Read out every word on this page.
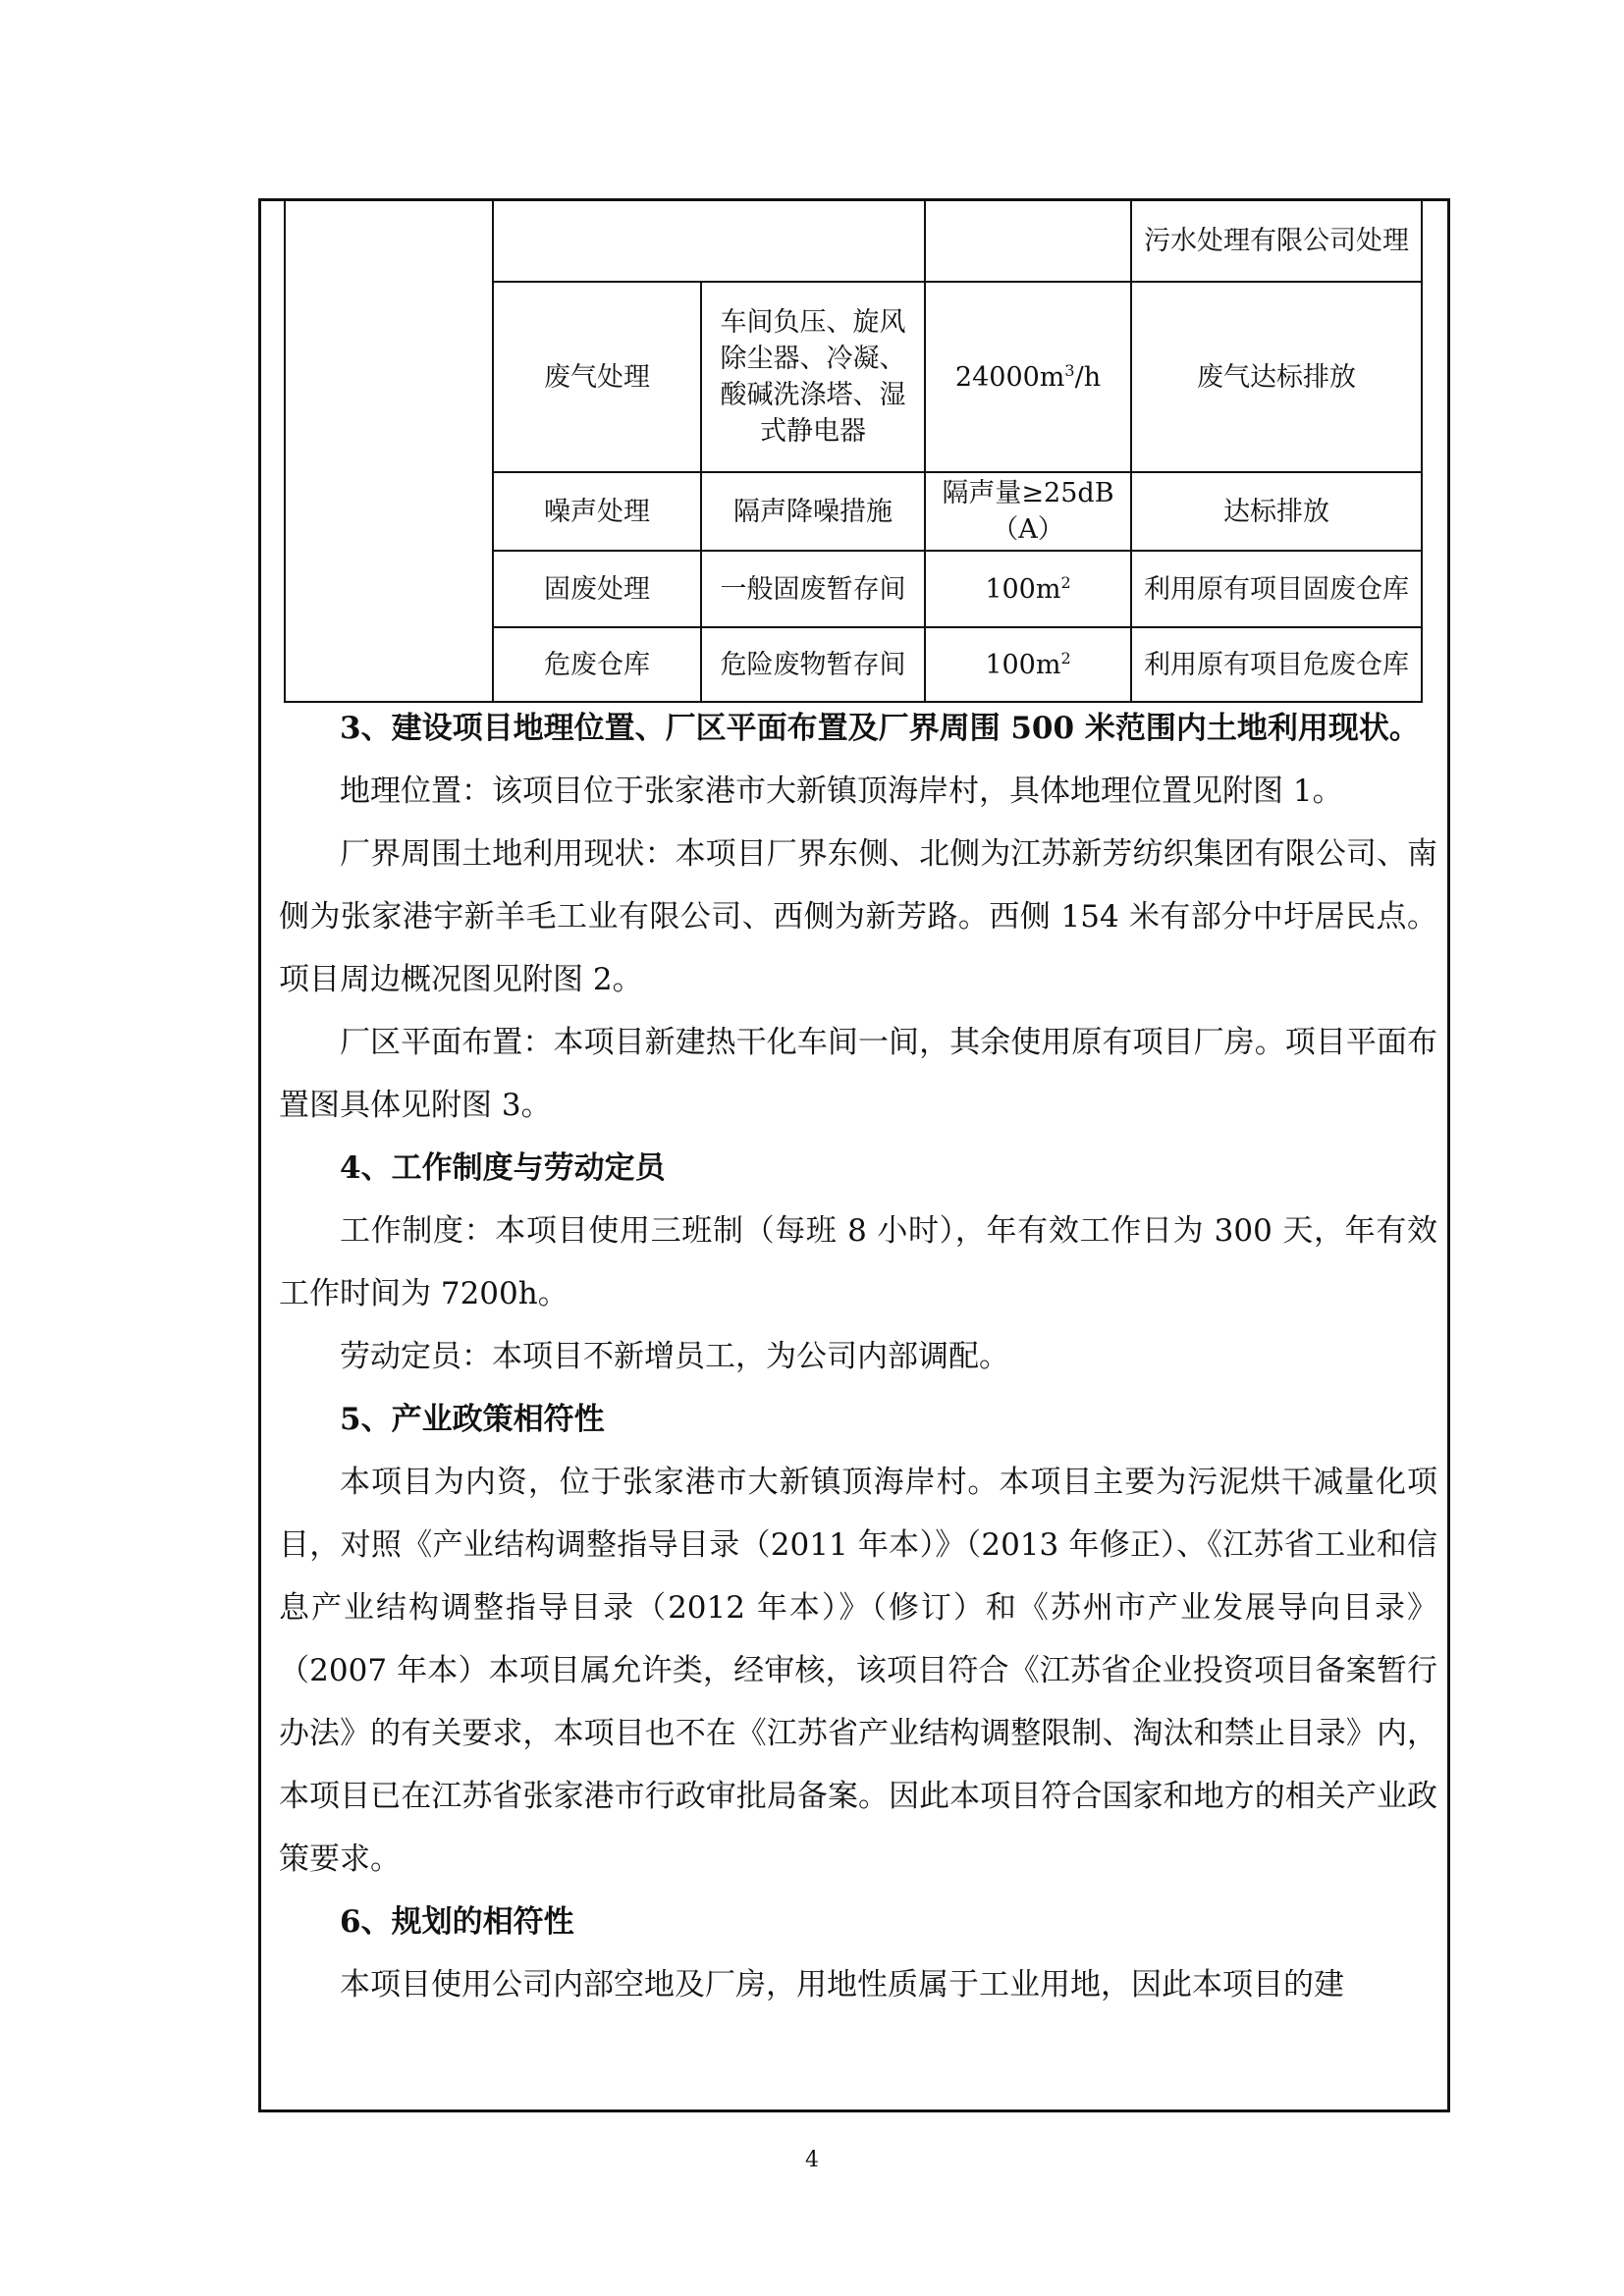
				污水处理有限公司处理
	废气处理	车间负压、旋风除尘器、冷凝、酸碱洗涤塔、湿式静电器	$24000m^3/h$	废气达标排放
	噪声处理	隔声降噪措施	隔声量≥25dB（A）	达标排放
	固废处理	一般固废暂存间	$100m^2$	利用原有项目固废仓库
	危废仓库	危险废物暂存间	$100m^2$	利用原有项目危废仓库

3、建设项目地理位置、厂区平面布置及厂界周围 500 米范围内土地利用现状。

地理位置：该项目位于张家港市大新镇顶海岸村，具体地理位置见附图 1。

厂界周围土地利用现状：本项目厂界东侧、北侧为江苏新芳纺织集团有限公司、南侧为张家港宇新羊毛工业有限公司、西侧为新芳路。西侧 154 米有部分中圩居民点。项目周边概况图见附图 2。

厂区平面布置：本项目新建热干化车间一间，其余使用原有项目厂房。项目平面布置图具体见附图 3。

4、工作制度与劳动定员

工作制度：本项目使用三班制（每班 8 小时），年有效工作日为 300 天，年有效工作时间为 7200h。

劳动定员：本项目不新增员工，为公司内部调配。

5、产业政策相符性

本项目为内资，位于张家港市大新镇顶海岸村。本项目主要为污泥烘干减量化项目，对照《产业结构调整指导目录（2011 年本）》（2013 年修正）、《江苏省工业和信息产业结构调整指导目录（2012 年本）》（修订）和《苏州市产业发展导向目录》（2007 年本）本项目属允许类，经审核，该项目符合《江苏省企业投资项目备案暂行办法》的有关要求，本项目也不在《江苏省产业结构调整限制、淘汰和禁止目录》内，本项目已在江苏省张家港市行政审批局备案。因此本项目符合国家和地方的相关产业政策要求。

6、规划的相符性

本项目使用公司内部空地及厂房，用地性质属于工业用地，因此本项目的建

4
